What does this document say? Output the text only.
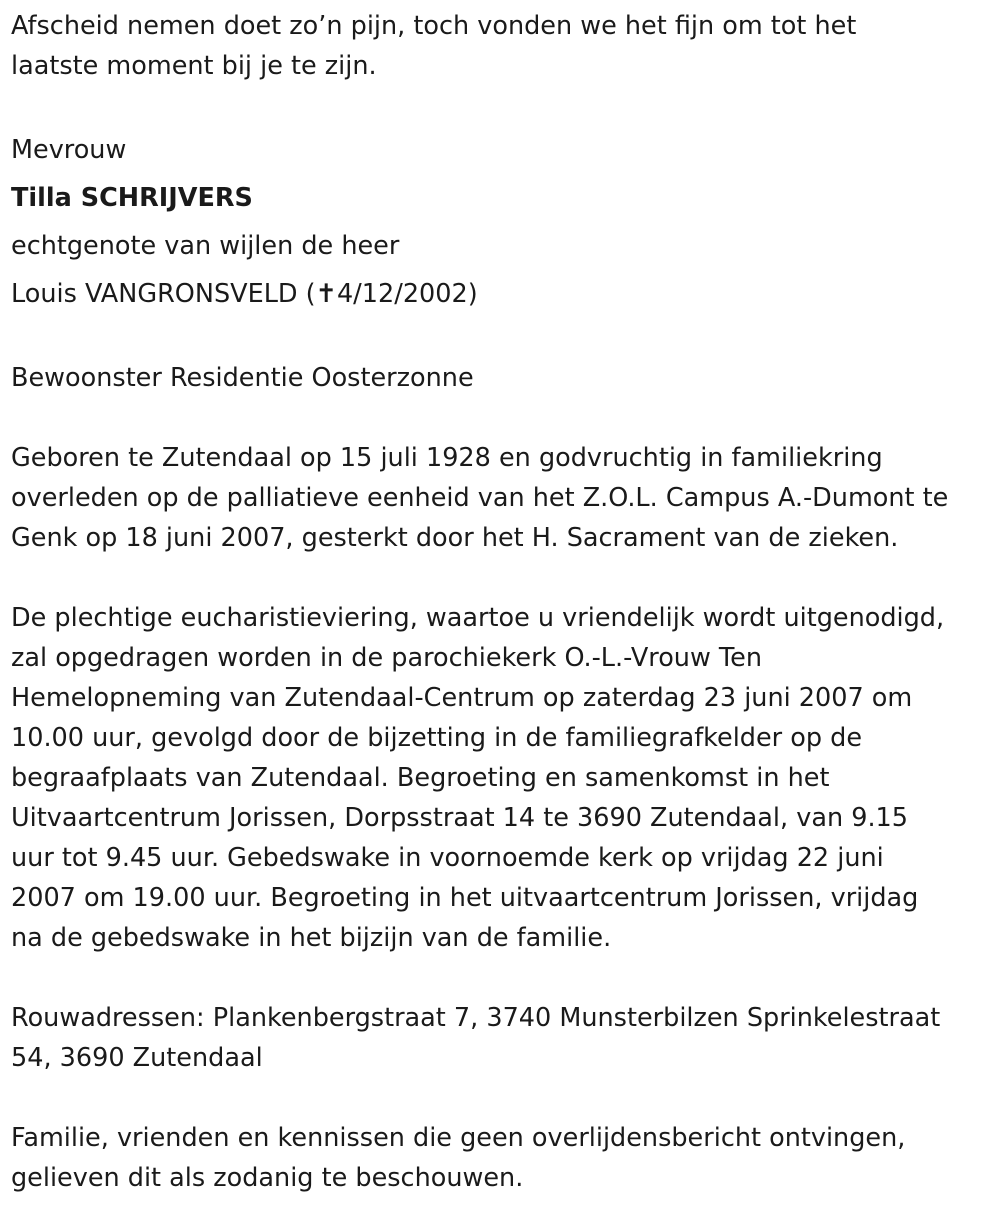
Afscheid nemen doet zo’n pijn, toch vonden we het fijn om tot het

laatste moment bij je te zijn.

Mevrouw

Tilla SCHRIJVERS

echtgenote van wijlen de heer

Louis VANGRONSVELD (✝4/12/2002)

Bewoonster Residentie Oosterzonne

Geboren te Zutendaal op 15 juli 1928 en godvruchtig in familiekring

overleden op de palliatieve eenheid van het Z.O.L. Campus A.-Dumont te

Genk op 18 juni 2007, gesterkt door het H. Sacrament van de zieken.

De plechtige eucharistieviering, waartoe u vriendelijk wordt uitgenodigd,

zal opgedragen worden in de parochiekerk O.-L.-Vrouw Ten

Hemelopneming van Zutendaal-Centrum op zaterdag 23 juni 2007 om

10.00 uur, gevolgd door de bijzetting in de familiegrafkelder op de

begraafplaats van Zutendaal. Begroeting en samenkomst in het

Uitvaartcentrum Jorissen, Dorpsstraat 14 te 3690 Zutendaal, van 9.15

uur tot 9.45 uur. Gebedswake in voornoemde kerk op vrijdag 22 juni

2007 om 19.00 uur. Begroeting in het uitvaartcentrum Jorissen, vrijdag

na de gebedswake in het bijzijn van de familie.

Rouwadressen: Plankenbergstraat 7, 3740 Munsterbilzen Sprinkelestraat

54, 3690 Zutendaal

Familie, vrienden en kennissen die geen overlijdensbericht ontvingen,

gelieven dit als zodanig te beschouwen.
